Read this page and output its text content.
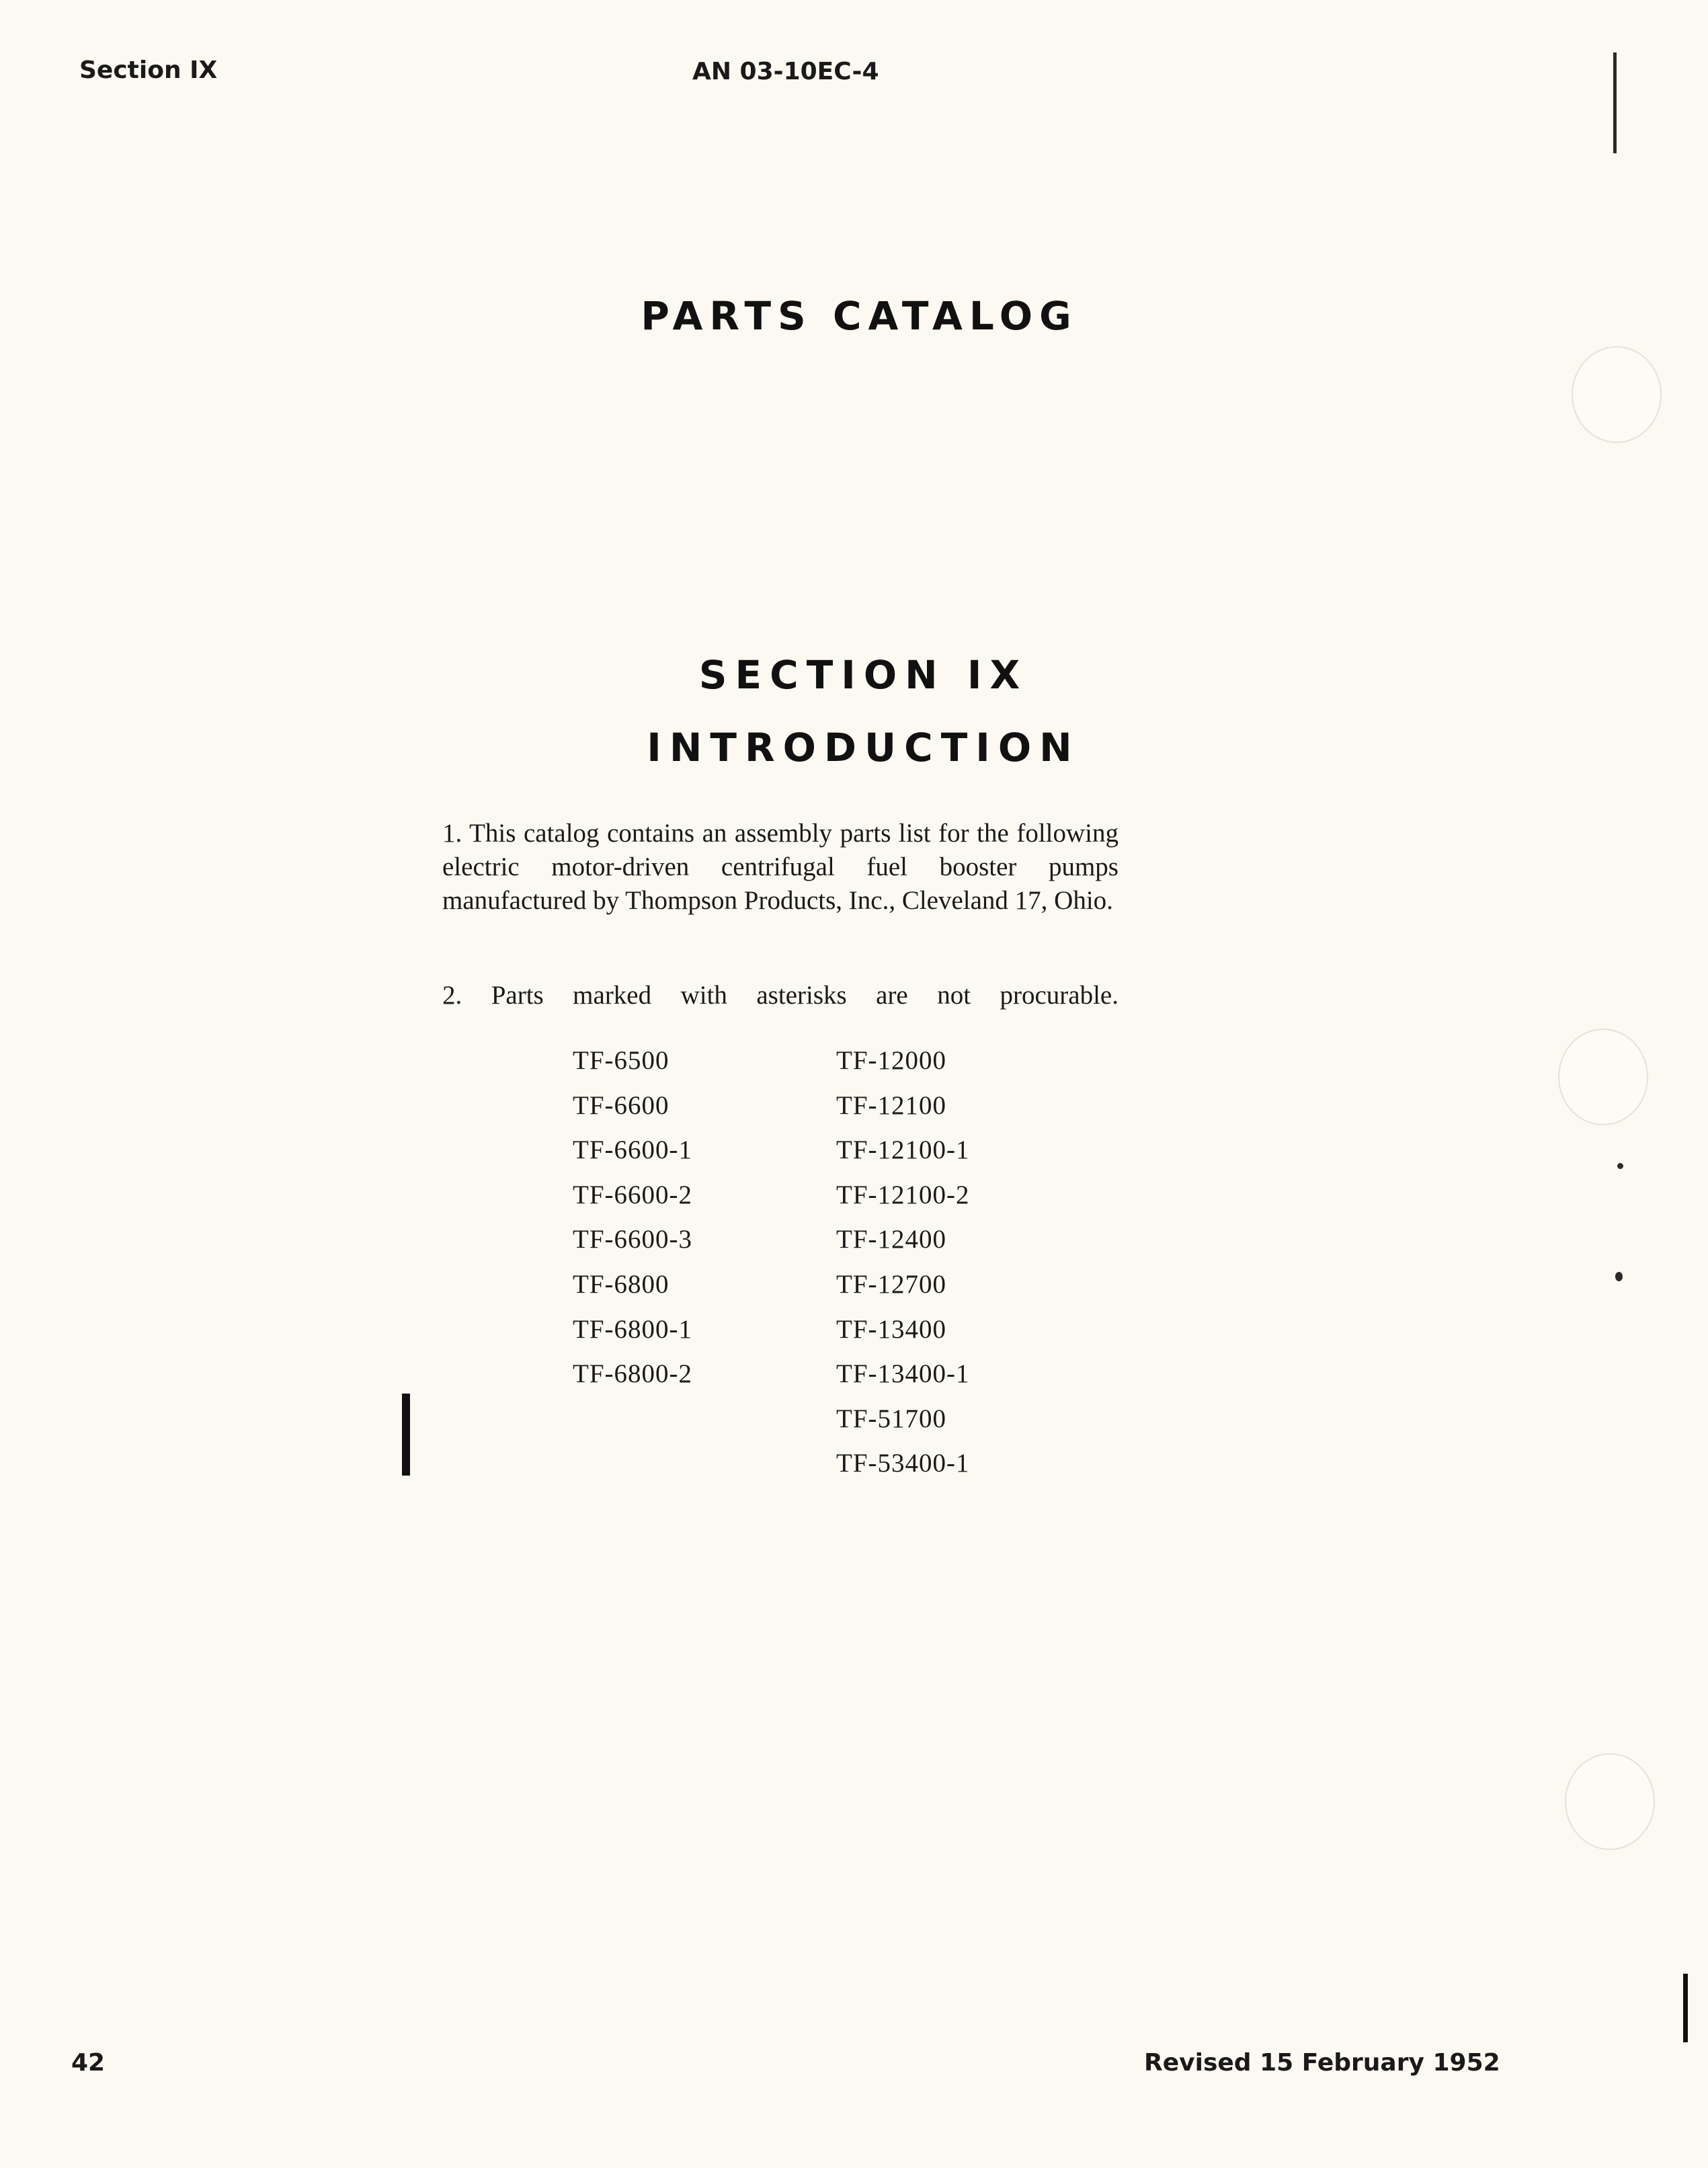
Section IX	AN 03-10EC-4
PARTS CATALOG
SECTION IX
INTRODUCTION
1. This catalog contains an assembly parts list for the following electric motor-driven centrifugal fuel booster pumps manufactured by Thompson Products, Inc., Cleveland 17, Ohio.
2. Parts marked with asterisks are not procurable.
TF-6500
TF-6600
TF-6600-1
TF-6600-2
TF-6600-3
TF-6800
TF-6800-1
TF-6800-2
TF-12000
TF-12100
TF-12100-1
TF-12100-2
TF-12400
TF-12700
TF-13400
TF-13400-1
TF-51700
TF-53400-1
42	Revised 15 February 1952
